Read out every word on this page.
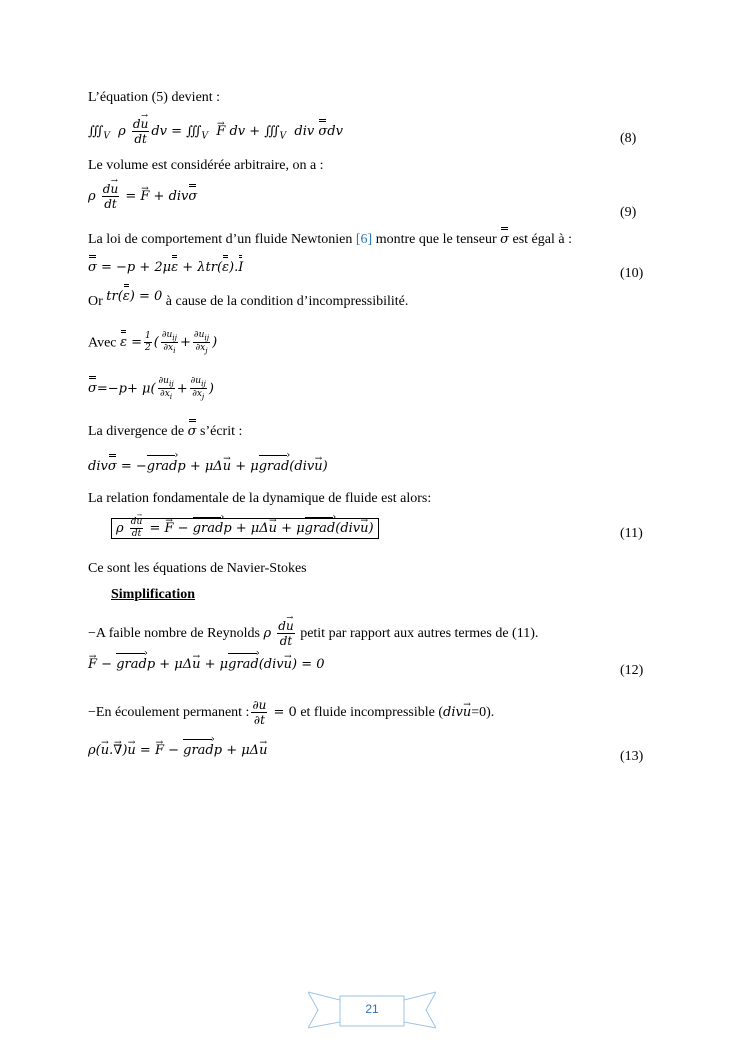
L’équation (5) devient :
$∭_V$  ρ $\frac{du \to}{dt}$ dv = $∭_V$ F → dv + $∭_V$  div σdv	(8)
Le volume est considérée arbitraire, on a :
ρ $\frac{du \to}{dt} = F$ → + divσ
(9)
La loi de comportement d’un fluide Newtonien [6] montre que le tenseur σ est égal à :
σ = −p + 2με + λtr(ε).I	(10)
Or tr(ε) = 0 à cause de la condition d’incompressibilité.
Avec $\varepsilon = \frac{1}{2}$ ( $\frac{\partial u_{ij}}{\partial x_i} + \frac{\partial u_{ij}}{\partial x_j}$ )
$\sigma=-p+ \mu( \frac{\partial u_{ij}}{\partial x_i} + \frac{\partial u_{ij}}{\partial x_j}$ )
La divergence de σ s’écrit :
divσ = −grad ›p + μΔu → + μgrad ›(divu →)
La relation fondamentale de la dynamique de fluide est alors:
ρ $\frac{du \to}{dt} = F$ → − grad ›p + μΔu → + μgrad ›(divu →)	(11)
Ce sont les équations de Navier-Stokes
Simplification
−A faible nombre de Reynolds ρ $\frac{du \to}{dt}$ petit par rapport aux autres termes de (11).
F → − grad ›p + μΔu → + μgrad ›(divu →) = 0	(12)
−En écoulement permanent : $\frac{\partial u}{\partial t} = 0$ et fluide incompressible (divu →=0).
ρ(u →.∇ →)u → = F → − grad ›p + μΔu →	(13)
21
